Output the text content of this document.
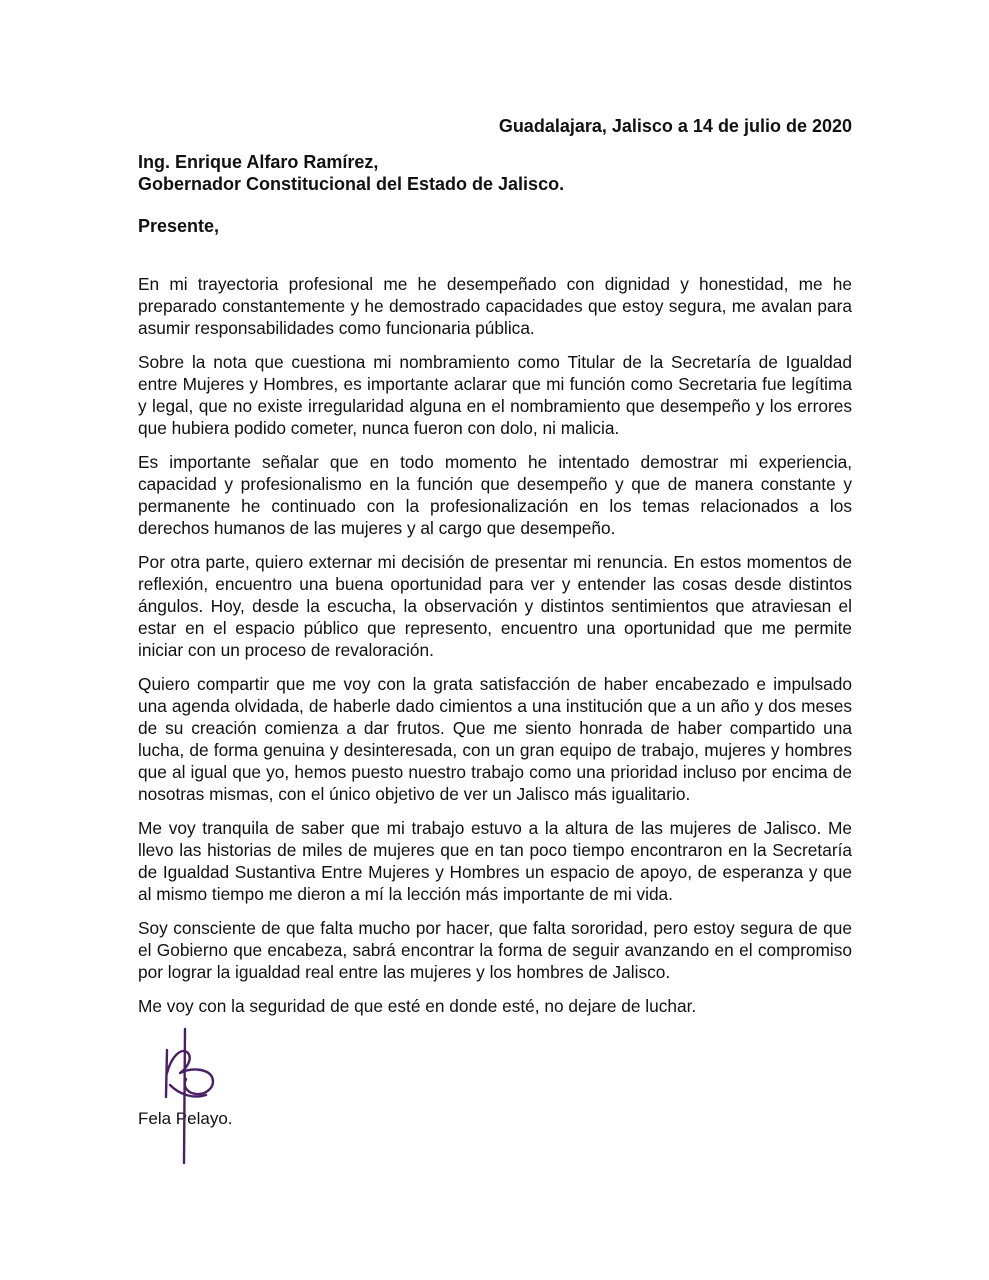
Guadalajara, Jalisco a 14 de julio de 2020
Ing. Enrique Alfaro Ramírez,
Gobernador Constitucional del Estado de Jalisco.
Presente,

En mi trayectoria profesional me he desempeñado con dignidad y honestidad, me he preparado constantemente y he demostrado capacidades que estoy segura, me avalan para asumir responsabilidades como funcionaria pública.

Sobre la nota que cuestiona mi nombramiento como Titular de la Secretaría de Igualdad entre Mujeres y Hombres, es importante aclarar que mi función como Secretaria fue legítima y legal, que no existe irregularidad alguna en el nombramiento que desempeño y los errores que hubiera podido cometer, nunca fueron con dolo, ni malicia.

Es importante señalar que en todo momento he intentado demostrar mi experiencia, capacidad y profesionalismo en la función que desempeño y que de manera constante y permanente he continuado con la profesionalización en los temas relacionados a los derechos humanos de las mujeres y al cargo que desempeño.

Por otra parte, quiero externar mi decisión de presentar mi renuncia. En estos momentos de reflexión, encuentro una buena oportunidad para ver y entender las cosas desde distintos ángulos. Hoy, desde la escucha, la observación y distintos sentimientos que atraviesan el estar en el espacio público que represento, encuentro una oportunidad que me permite iniciar con un proceso de revaloración.

Quiero compartir que me voy con la grata satisfacción de haber encabezado e impulsado una agenda olvidada, de haberle dado cimientos a una institución que a un año y dos meses de su creación comienza a dar frutos. Que me siento honrada de haber compartido una lucha, de forma genuina y desinteresada, con un gran equipo de trabajo, mujeres y hombres que al igual que yo, hemos puesto nuestro trabajo como una prioridad incluso por encima de nosotras mismas, con el único objetivo de ver un Jalisco más igualitario.

Me voy tranquila de saber que mi trabajo estuvo a la altura de las mujeres de Jalisco. Me llevo las historias de miles de mujeres que en tan poco tiempo encontraron en la Secretaría de Igualdad Sustantiva Entre Mujeres y Hombres un espacio de apoyo, de esperanza y que al mismo tiempo me dieron a mí la lección más importante de mi vida.

Soy consciente de que falta mucho por hacer, que falta sororidad, pero estoy segura de que el Gobierno que encabeza, sabrá encontrar la forma de seguir avanzando en el compromiso por lograr la igualdad real entre las mujeres y los hombres de Jalisco.

Me voy con la seguridad de que esté en donde esté, no dejare de luchar.

Fela Pelayo.
